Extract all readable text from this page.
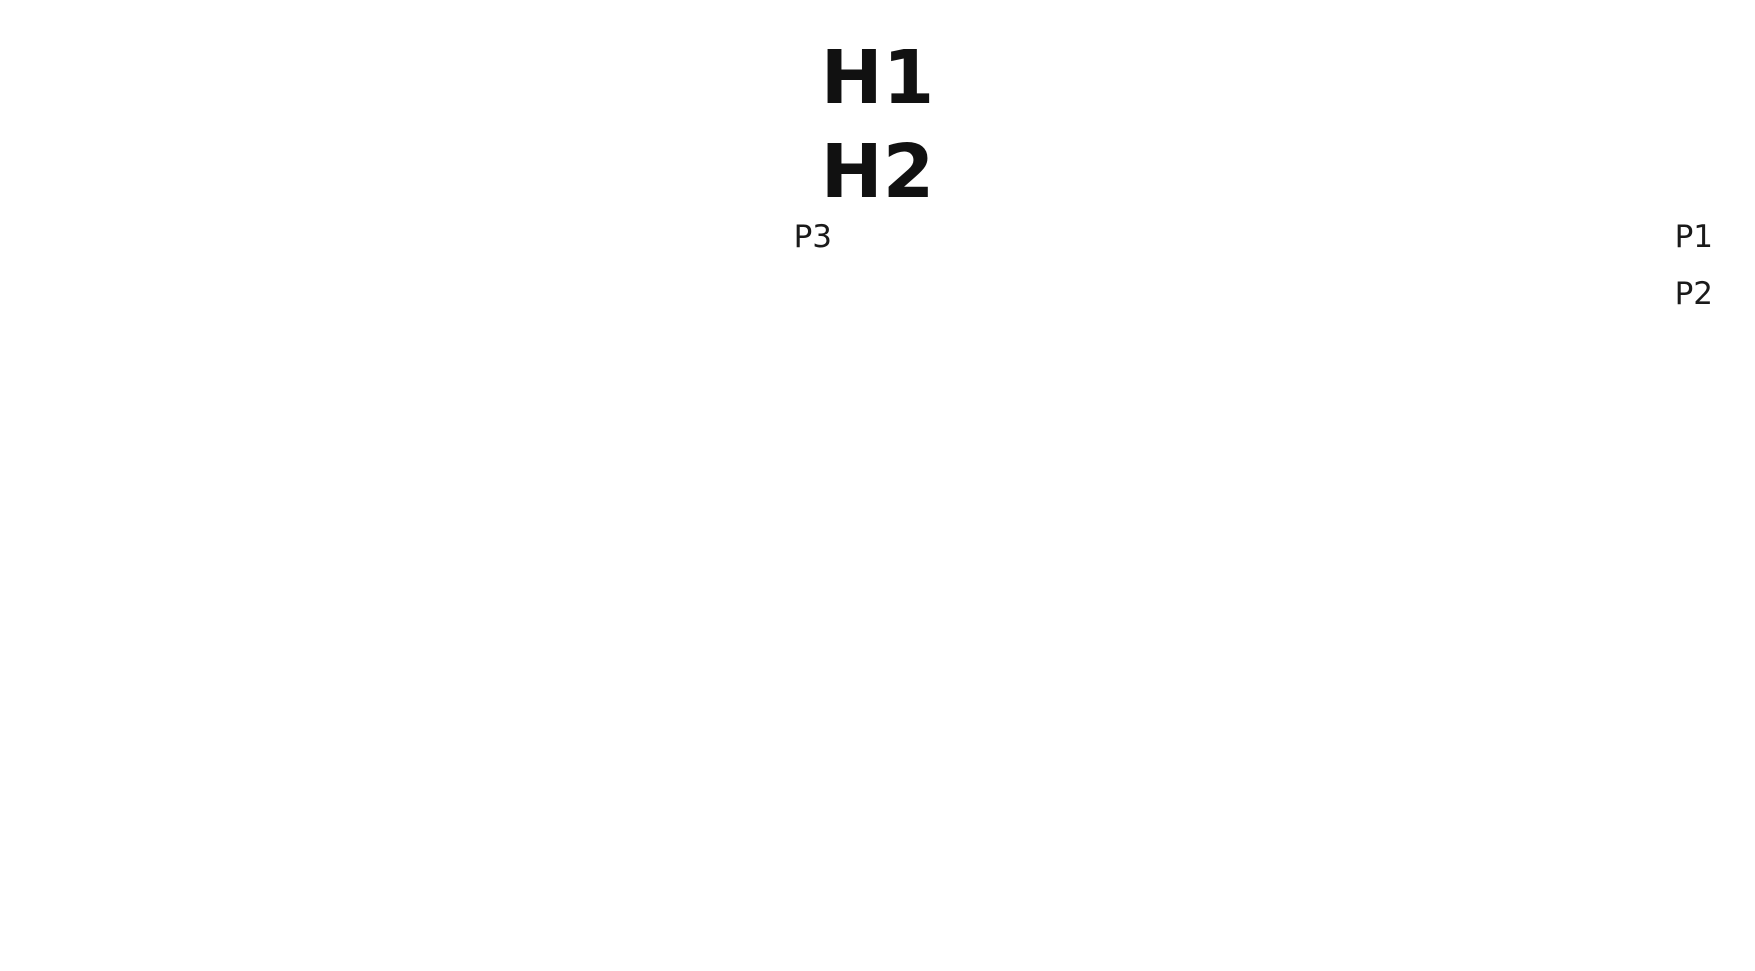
H1
H2

P1

P2

P3
